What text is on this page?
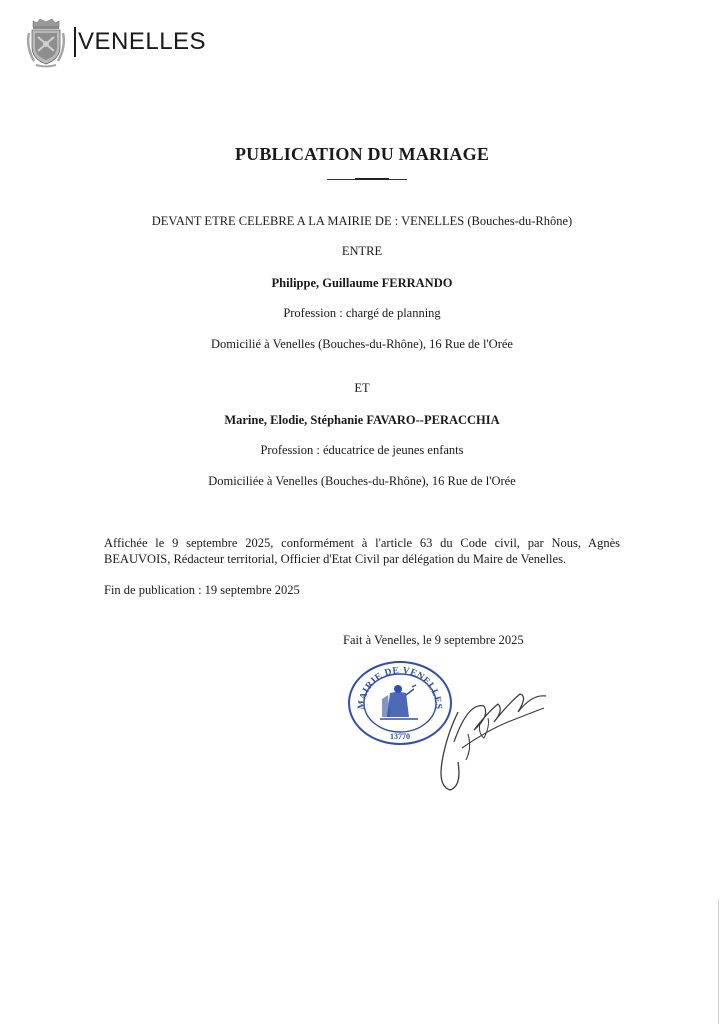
VENELLES
PUBLICATION DU MARIAGE
DEVANT ETRE CELEBRE A LA MAIRIE DE : VENELLES (Bouches-du-Rhône)
ENTRE
Philippe, Guillaume FERRANDO
Profession : chargé de planning
Domicilié à Venelles (Bouches-du-Rhône), 16 Rue de l'Orée
ET
Marine, Elodie, Stéphanie FAVARO--PERACCHIA
Profession : éducatrice de jeunes enfants
Domiciliée à Venelles (Bouches-du-Rhône), 16 Rue de l'Orée
Affichée le 9 septembre 2025, conformément à l'article 63 du Code civil, par Nous, Agnès BEAUVOIS, Rédacteur territorial, Officier d'Etat Civil par délégation du Maire de Venelles.
Fin de publication : 19 septembre 2025
Fait à Venelles, le 9 septembre 2025
MAIRIE DE VENELLES
13770
